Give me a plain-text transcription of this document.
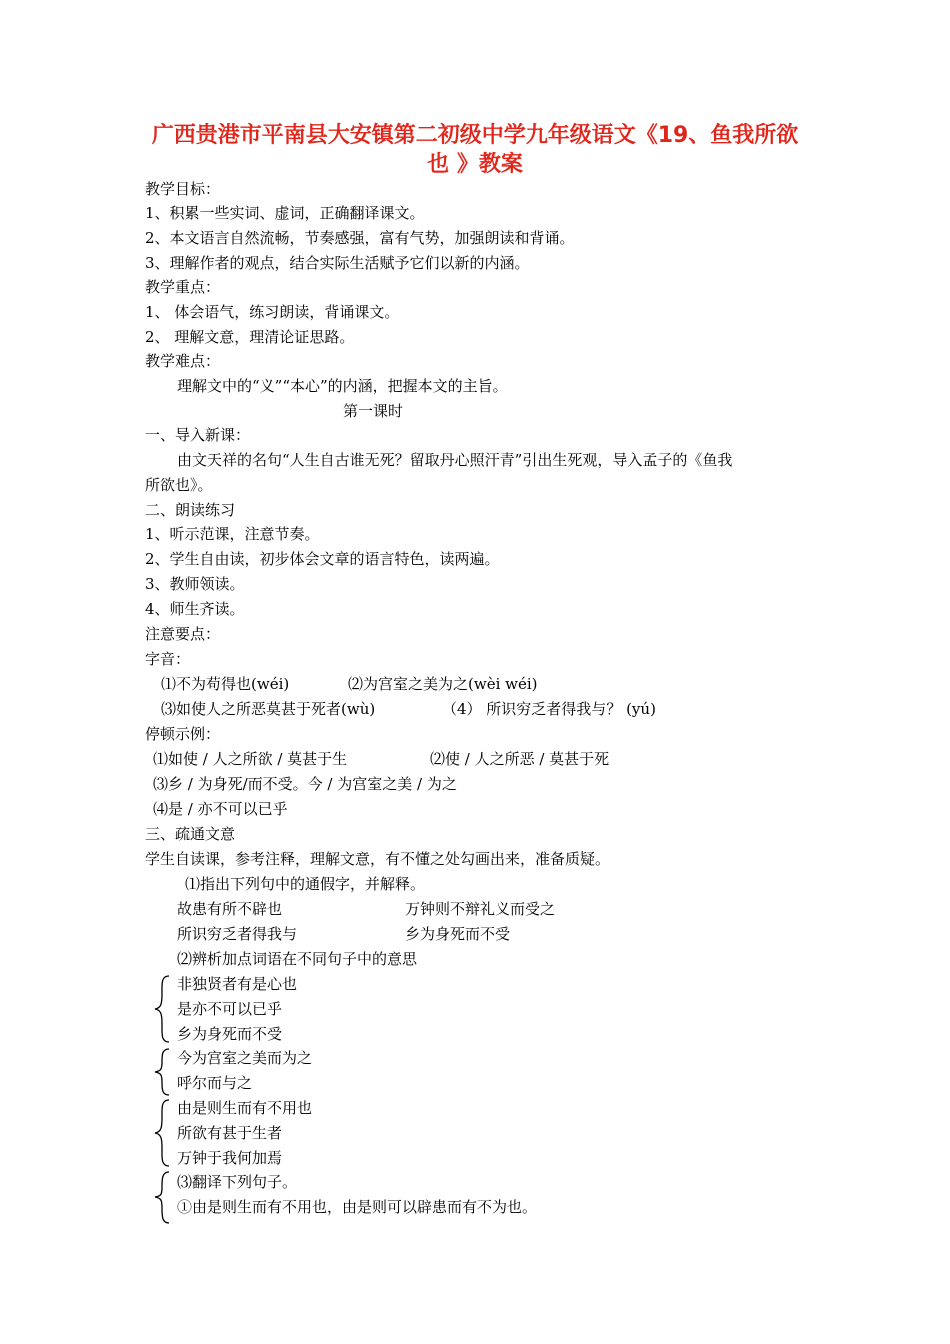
广西贵港市平南县大安镇第二初级中学九年级语文《19、鱼我所欲
也 》教案
教学目标：
1、积累一些实词、虚词，正确翻译课文。
2、本文语言自然流畅，节奏感强，富有气势，加强朗读和背诵。
3、理解作者的观点，结合实际生活赋予它们以新的内涵。
教学重点：
1、 体会语气，练习朗读，背诵课文。
2、 理解文意，理清论证思路。
教学难点：
理解文中的“义”“本心”的内涵，把握本文的主旨。
第一课时
一、导入新课：
由文天祥的名句“人生自古谁无死？留取丹心照汗青”引出生死观，导入孟子的《鱼我
所欲也》。
二、朗读练习
1、听示范课，注意节奏。
2、学生自由读，初步体会文章的语言特色，读两遍。
3、教师领读。
4、师生齐读。
注意要点：
字音：
⑴不为苟得也(wéi)	⑵为宫室之美为之(wèi wéi)
⑶如使人之所恶莫甚于死者(wù)	（4） 所识穷乏者得我与？ (yú)
停顿示例：
⑴如使 / 人之所欲 / 莫甚于生	⑵使 / 人之所恶 / 莫甚于死
⑶乡 / 为身死/而不受。今 / 为宫室之美 / 为之
⑷是 / 亦不可以已乎
三、疏通文意
学生自读课，参考注释，理解文意，有不懂之处勾画出来，准备质疑。
⑴指出下列句中的通假字，并解释。
故患有所不辟也	万钟则不辩礼义而受之
所识穷乏者得我与	乡为身死而不受
⑵辨析加点词语在不同句子中的意思
非独贤者有是心也
是亦不可以已乎
乡为身死而不受
今为宫室之美而为之
呼尔而与之
由是则生而有不用也
所欲有甚于生者
万钟于我何加焉
⑶翻译下列句子。
①由是则生而有不用也，由是则可以辟患而有不为也。
